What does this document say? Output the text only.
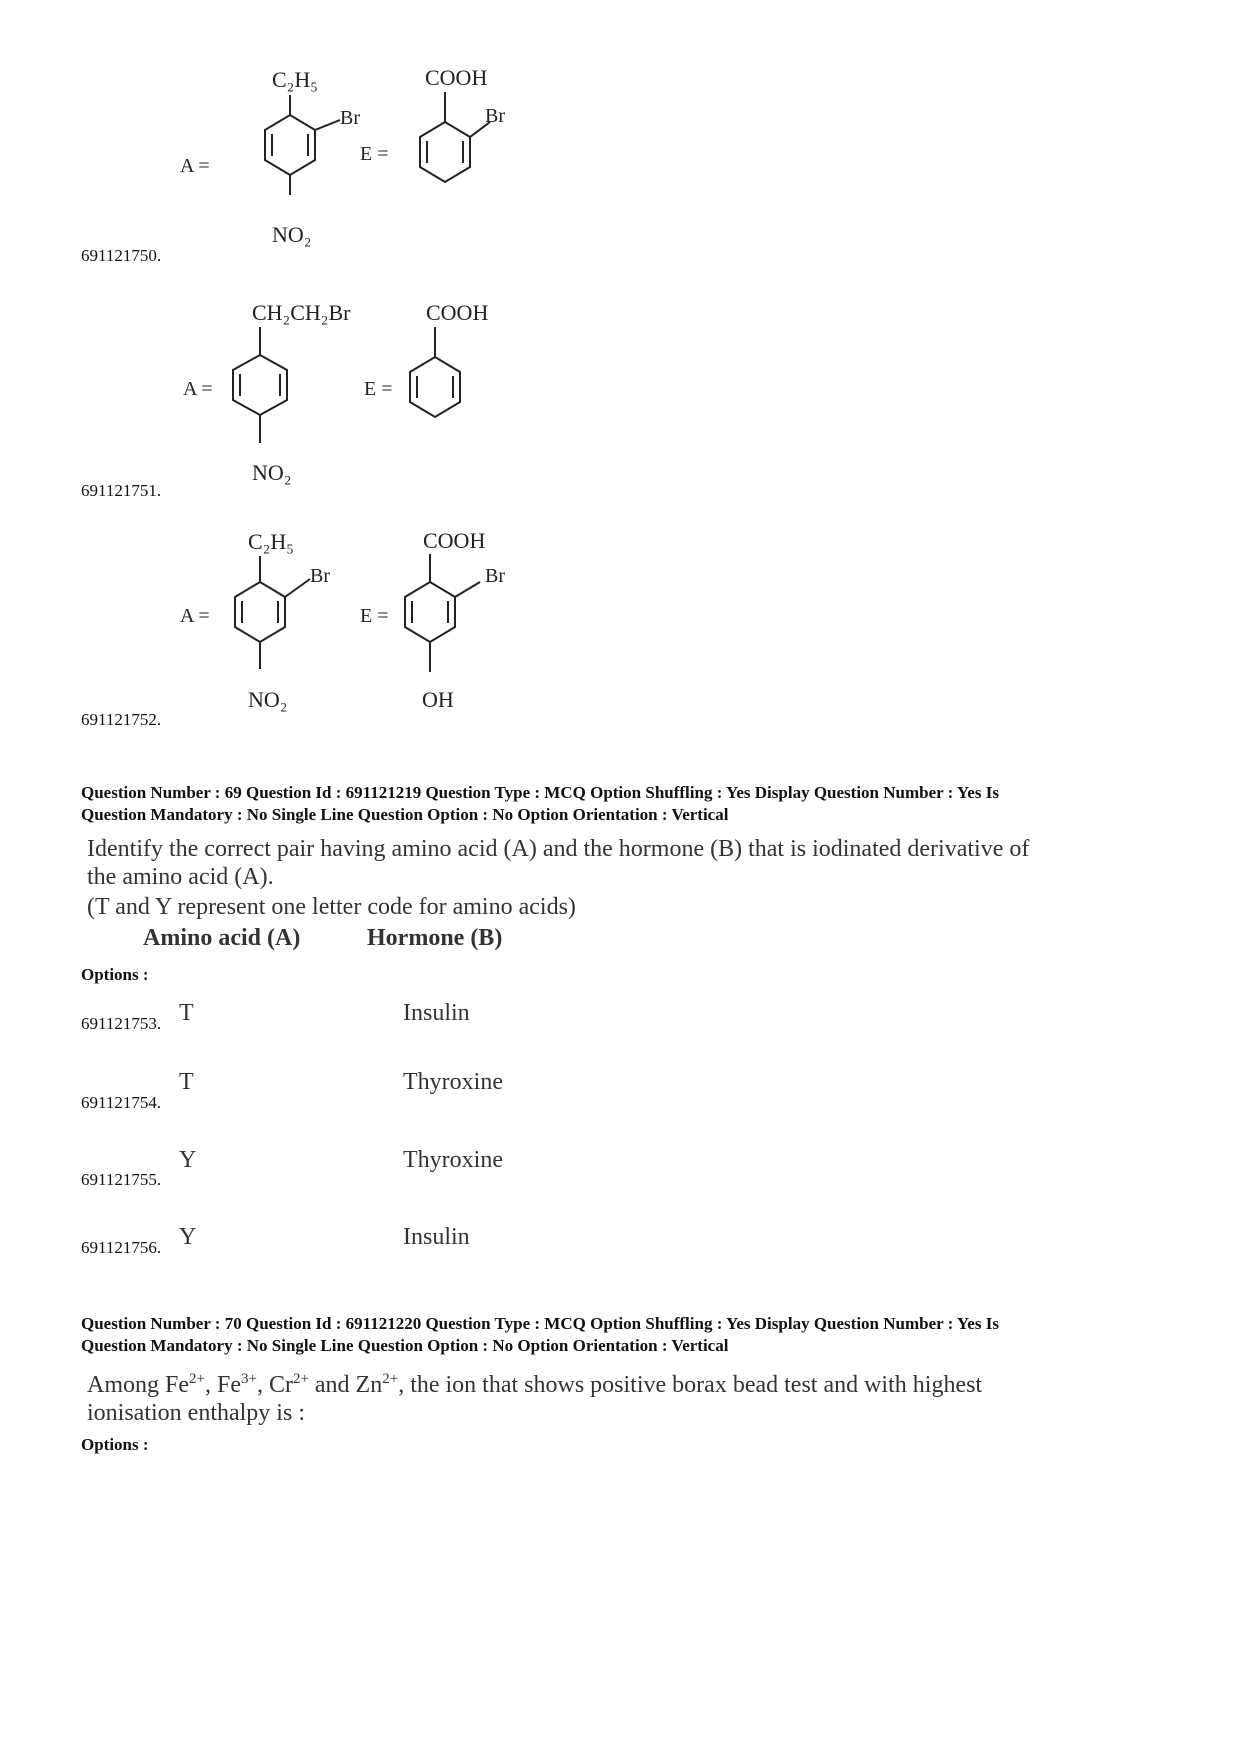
C₂H₅
Br
A =
NO₂
COOH
Br
E =
691121750.
CH₂CH₂Br
A =
NO₂
COOH
E =
691121751.
C₂H₅
Br
A =
NO₂
COOH
Br
E =
OH
691121752.
Question Number : 69 Question Id : 691121219 Question Type : MCQ Option Shuffling : Yes Display Question Number : Yes Is
Question Mandatory : No Single Line Question Option : No Option Orientation : Vertical
Identify the correct pair having amino acid (A) and the hormone (B) that is iodinated derivative of
the amino acid (A).
(T and Y represent one letter code for amino acids)
Amino acid (A)	Hormone (B)
Options :
691121753. T	Insulin
691121754.
T	Thyroxine
691121755.
Y	Thyroxine
691121756. Y	Insulin
Question Number : 70 Question Id : 691121220 Question Type : MCQ Option Shuffling : Yes Display Question Number : Yes Is
Question Mandatory : No Single Line Question Option : No Option Orientation : Vertical
Among $Fe^{2+}$, $Fe^{3+}$, $Cr^{2+}$ and $Zn^{2+}$, the ion that shows positive borax bead test and with highest
ionisation enthalpy is :
Options :
